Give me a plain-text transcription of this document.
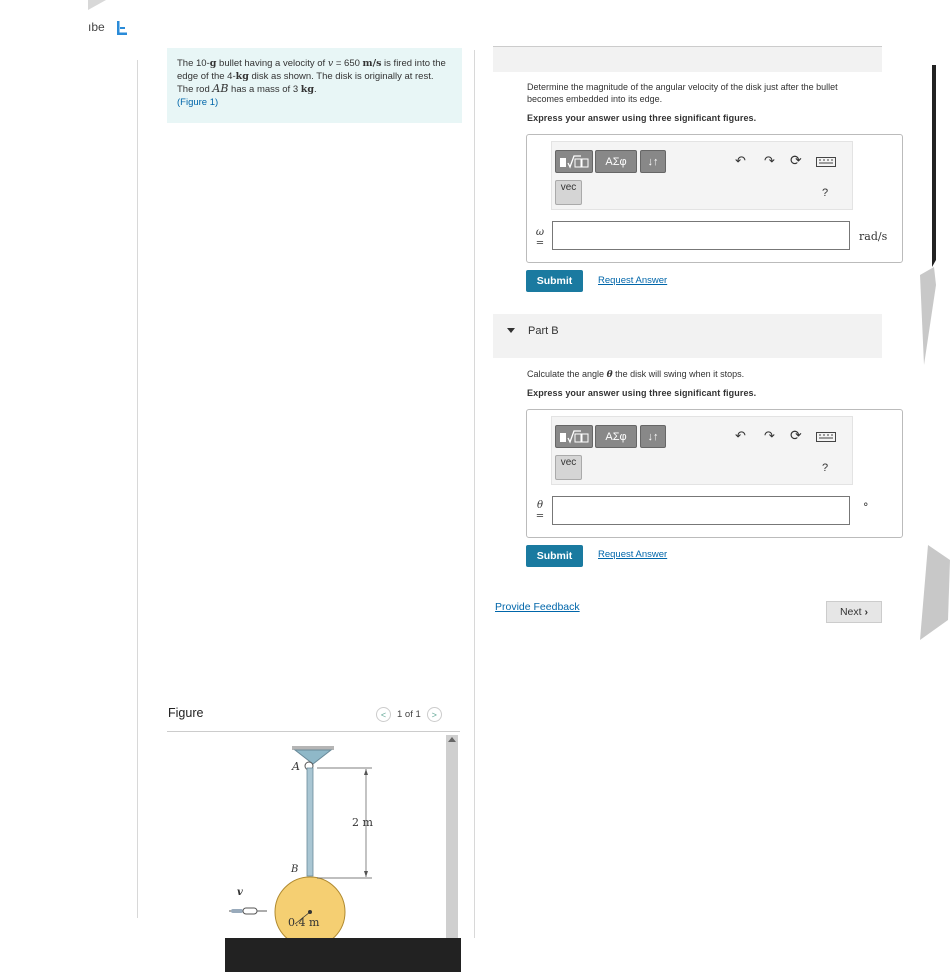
ıbe
The 10-g bullet having a velocity of v = 650 m/s is fired into the edge of the 4-kg disk as shown. The disk is originally at rest. The rod AB has a mass of 3 kg.
(Figure 1)
Figure	<	1 of 1	>
A
B
v
2 m
0.4 m
Determine the magnitude of the angular velocity of the disk just after the bullet becomes embedded into its edge.
Express your answer using three significant figures.
ΑΣφ	↓↑
vec
↶ ↷ ⟳
?
ω
=
rad/s
Submit	Request Answer
Part B
Calculate the angle θ the disk will swing when it stops.
Express your answer using three significant figures.
ΑΣφ	↓↑
vec
↶ ↷ ⟳
?
θ
=
°
Submit	Request Answer
Provide Feedback	Next ›
